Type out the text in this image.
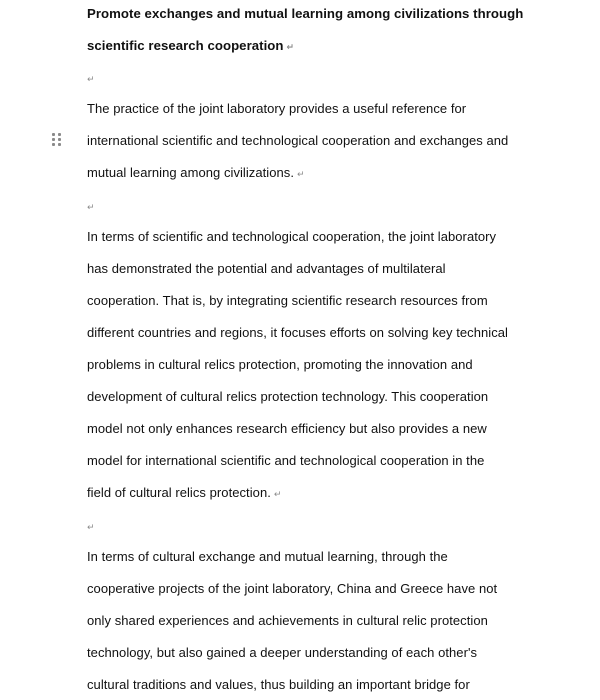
Promote exchanges and mutual learning among civilizations through
scientific research cooperation ↵
↵
The practice of the joint laboratory provides a useful reference for
international scientific and technological cooperation and exchanges and
mutual learning among civilizations. ↵
↵
In terms of scientific and technological cooperation, the joint laboratory
has demonstrated the potential and advantages of multilateral
cooperation. That is, by integrating scientific research resources from
different countries and regions, it focuses efforts on solving key technical
problems in cultural relics protection, promoting the innovation and
development of cultural relics protection technology. This cooperation
model not only enhances research efficiency but also provides a new
model for international scientific and technological cooperation in the
field of cultural relics protection. ↵
↵
In terms of cultural exchange and mutual learning, through the
cooperative projects of the joint laboratory, China and Greece have not
only shared experiences and achievements in cultural relic protection
technology, but also gained a deeper understanding of each other's
cultural traditions and values, thus building an important bridge for
